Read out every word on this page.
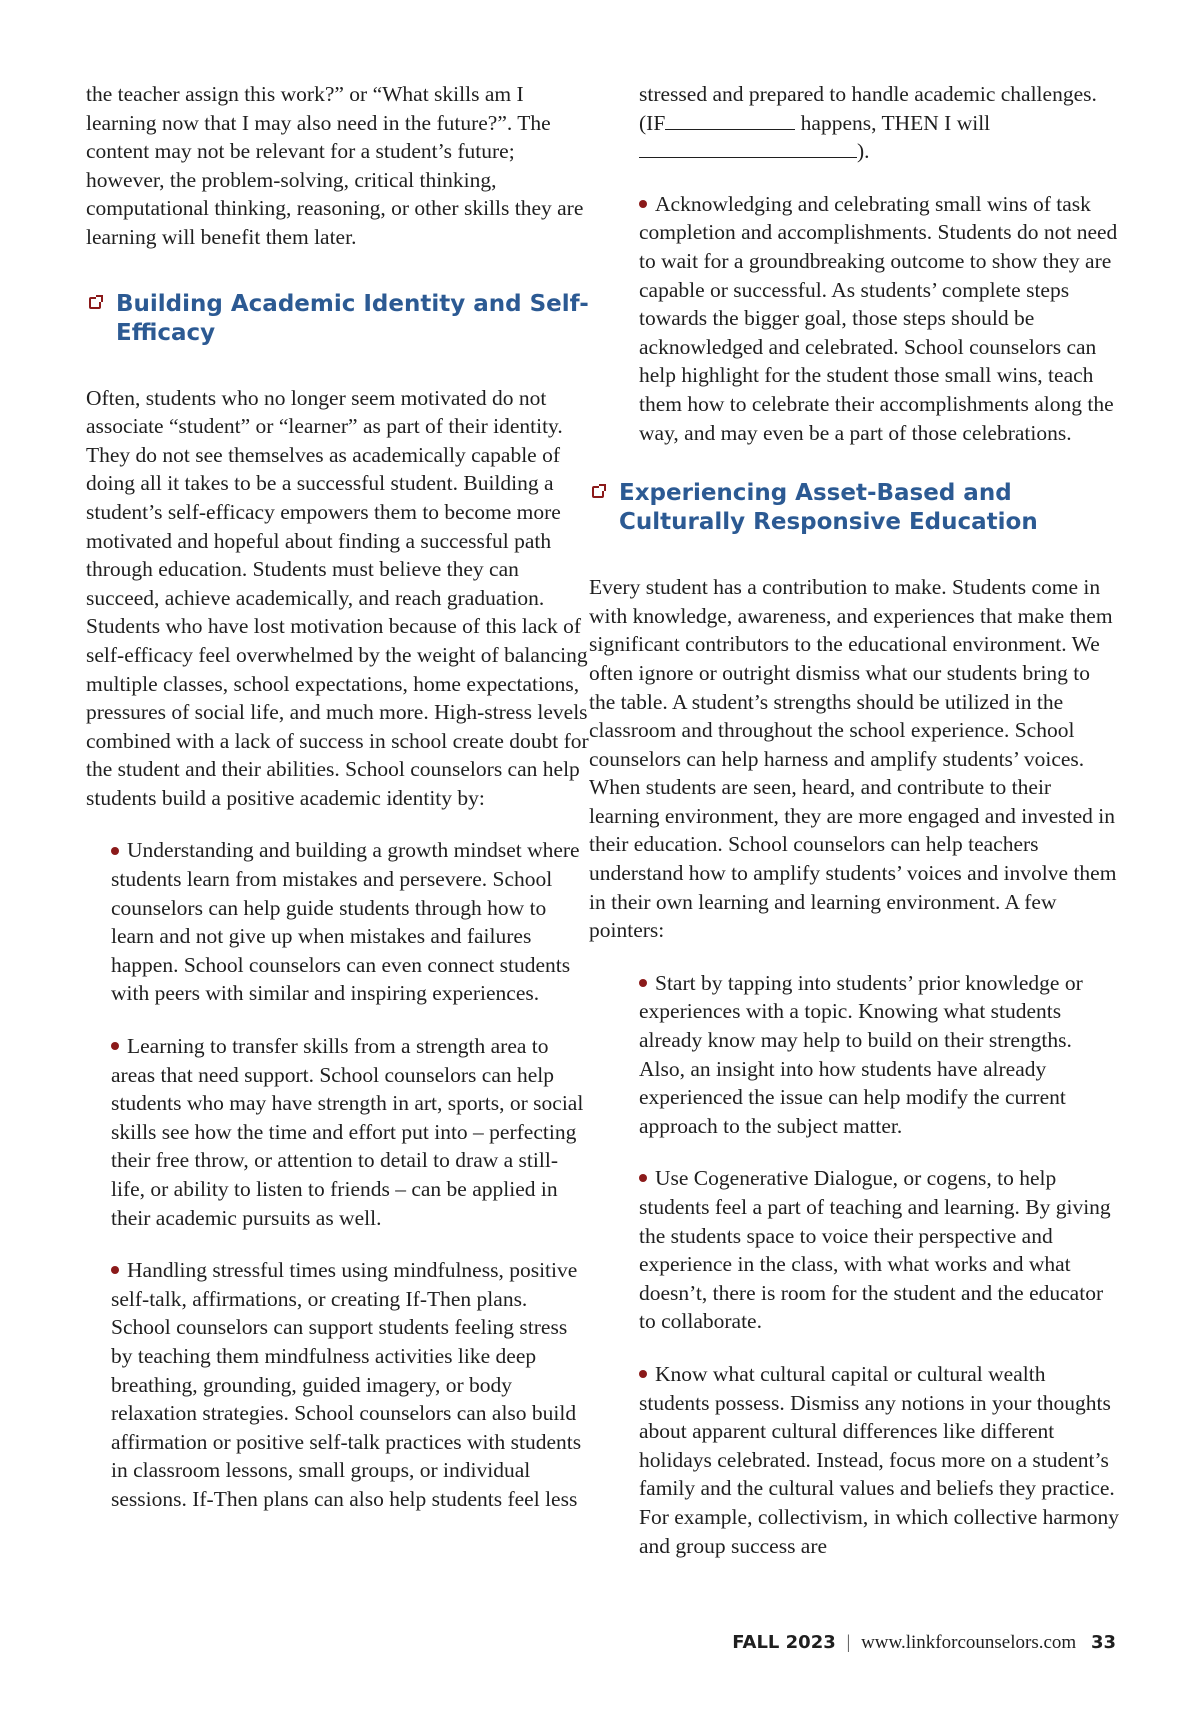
the teacher assign this work?” or “What skills am I learning now that I may also need in the future?”. The content may not be relevant for a student’s future; however, the problem-solving, critical thinking, computational thinking, reasoning, or other skills they are learning will benefit them later.

Building Academic Identity and Self-Efficacy

Often, students who no longer seem motivated do not associate “student” or “learner” as part of their identity. They do not see themselves as academically capable of doing all it takes to be a successful student. Building a student’s self-efficacy empowers them to become more motivated and hopeful about finding a successful path through education. Students must believe they can succeed, achieve academically, and reach graduation. Students who have lost motivation because of this lack of self-efficacy feel overwhelmed by the weight of balancing multiple classes, school expectations, home expectations, pressures of social life, and much more. High-stress levels combined with a lack of success in school create doubt for the student and their abilities. School counselors can help students build a positive academic identity by:

Understanding and building a growth mindset where students learn from mistakes and persevere. School counselors can help guide students through how to learn and not give up when mistakes and failures happen. School counselors can even connect students with peers with similar and inspiring experiences.
Learning to transfer skills from a strength area to areas that need support. School counselors can help students who may have strength in art, sports, or social skills see how the time and effort put into – perfecting their free throw, or attention to detail to draw a still-life, or ability to listen to friends – can be applied in their academic pursuits as well.
Handling stressful times using mindfulness, positive self-talk, affirmations, or creating If-Then plans. School counselors can support students feeling stress by teaching them mindfulness activities like deep breathing, grounding, guided imagery, or body relaxation strategies. School counselors can also build affirmation or positive self-talk practices with students in classroom lessons, small groups, or individual sessions. If-Then plans can also help students feel less
stressed and prepared to handle academic challenges. (IF	happens, THEN I will ).
Acknowledging and celebrating small wins of task completion and accomplishments. Students do not need to wait for a groundbreaking outcome to show they are capable or successful. As students’ complete steps towards the bigger goal, those steps should be acknowledged and celebrated. School counselors can help highlight for the student those small wins, teach them how to celebrate their accomplishments along the way, and may even be a part of those celebrations.
Experiencing Asset-Based and Culturally Responsive Education

Every student has a contribution to make. Students come in with knowledge, awareness, and experiences that make them significant contributors to the educational environment. We often ignore or outright dismiss what our students bring to the table. A student’s strengths should be utilized in the classroom and throughout the school experience. School counselors can help harness and amplify students’ voices. When students are seen, heard, and contribute to their learning environment, they are more engaged and invested in their education. School counselors can help teachers understand how to amplify students’ voices and involve them in their own learning and learning environment. A few pointers:

Start by tapping into students’ prior knowledge or experiences with a topic. Knowing what students already know may help to build on their strengths. Also, an insight into how students have already experienced the issue can help modify the current approach to the subject matter.
Use Cogenerative Dialogue, or cogens, to help students feel a part of teaching and learning. By giving the students space to voice their perspective and experience in the class, with what works and what doesn’t, there is room for the student and the educator to collaborate.
Know what cultural capital or cultural wealth students possess. Dismiss any notions in your thoughts about apparent cultural differences like different holidays celebrated. Instead, focus more on a student’s family and the cultural values and beliefs they practice. For example, collectivism, in which collective harmony and group success are
FALL 2023 | www.linkforcounselors.com 33
